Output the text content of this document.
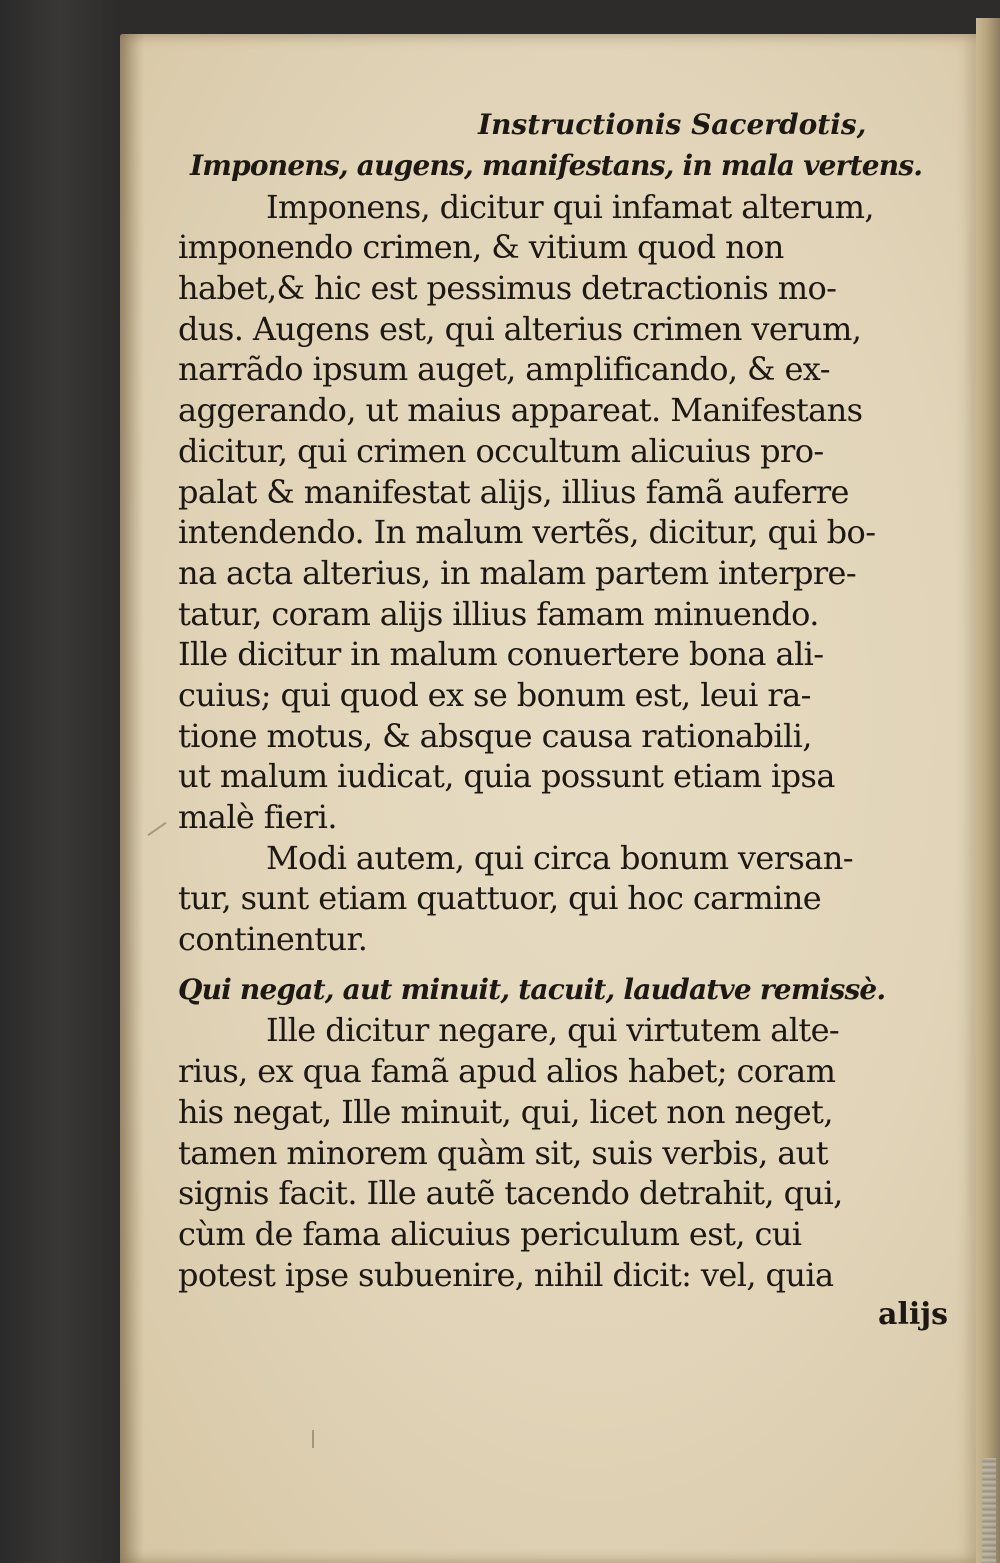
Instructionis Sacerdotis,
Imponens, augens, manifestans, in mala vertens.
Imponens, dicitur qui infamat alterum,
imponendo crimen, & vitium quod non
habet,& hic est pessimus detractionis mo-
dus. Augens est, qui alterius crimen verum,
narrãdo ipsum auget, amplificando, & ex-
aggerando, ut maius appareat. Manifestans
dicitur, qui crimen occultum alicuius pro-
palat & manifestat alijs, illius famã auferre
intendendo. In malum vertẽs, dicitur, qui bo-
na acta alterius, in malam partem interpre-
tatur, coram alijs illius famam minuendo.
Ille dicitur in malum conuertere bona ali-
cuius; qui quod ex se bonum est, leui ra-
tione motus, & absque causa rationabili,
ut malum iudicat, quia possunt etiam ipsa
malè fieri.
Modi autem, qui circa bonum versan-
tur, sunt etiam quattuor, qui hoc carmine
continentur.
Qui negat, aut minuit, tacuit, laudatve remissè.
Ille dicitur negare, qui virtutem alte-
rius, ex qua famã apud alios habet; coram
his negat, Ille minuit, qui, licet non neget,
tamen minorem quàm sit, suis verbis, aut
signis facit. Ille autẽ tacendo detrahit, qui,
cùm de fama alicuius periculum est, cui
potest ipse subuenire, nihil dicit: vel, quia
alijs
